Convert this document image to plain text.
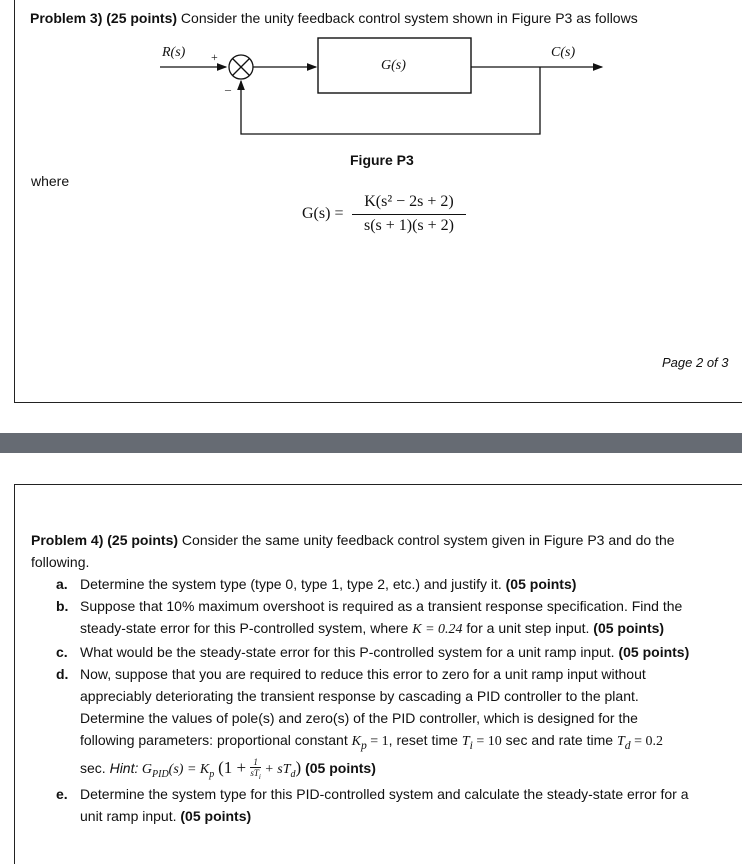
Problem 3) (25 points) Consider the unity feedback control system shown in Figure P3 as follows
R(s) +
–
G(s)
C(s)
Figure P3
where
G(s) =
K(s² − 2s + 2)
s(s + 1)(s + 2)
Page 2 of 3
Problem 4) (25 points) Consider the same unity feedback control system given in Figure P3 and do the
following.
a. Determine the system type (type 0, type 1, type 2, etc.) and justify it. (05 points)
b. Suppose that 10% maximum overshoot is required as a transient response specification. Find the
steady-state error for this P-controlled system, where K = 0.24 for a unit step input. (05 points)
c. What would be the steady-state error for this P-controlled system for a unit ramp input. (05 points)
d. Now, suppose that you are required to reduce this error to zero for a unit ramp input without
appreciably deteriorating the transient response by cascading a PID controller to the plant.
Determine the values of pole(s) and zero(s) of the PID controller, which is designed for the
following parameters: proportional constant $K_p = 1$, reset time $T_i = 10$ sec and rate time $T_d = 0.2$
sec. Hint: $G_{PID}(s) = K_p$ (1 + 1
$sT_i + sT_d$) (05 points)
e. Determine the system type for this PID-controlled system and calculate the steady-state error for a
unit ramp input. (05 points)
